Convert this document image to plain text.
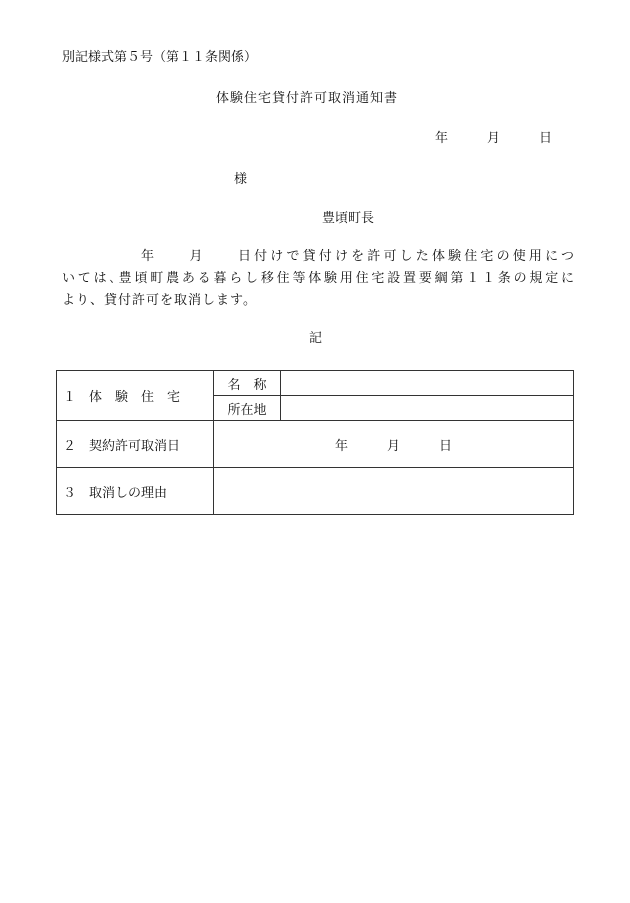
別記様式第５号（第１１条関係）
体験住宅貸付許可取消通知書
年　　　月　　　日
様
豊頃町長
年　　月　　日付けで貸付けを許可した体験住宅の使用につ
いては､豊頃町農ある暮らし移住等体験用住宅設置要綱第１１条の規定に
より、貸付許可を取消します。
記
１　体　験　住　宅	名　称	
	所在地	
２　契約許可取消日	年　　　月　　　日	
３　取消しの理由		
